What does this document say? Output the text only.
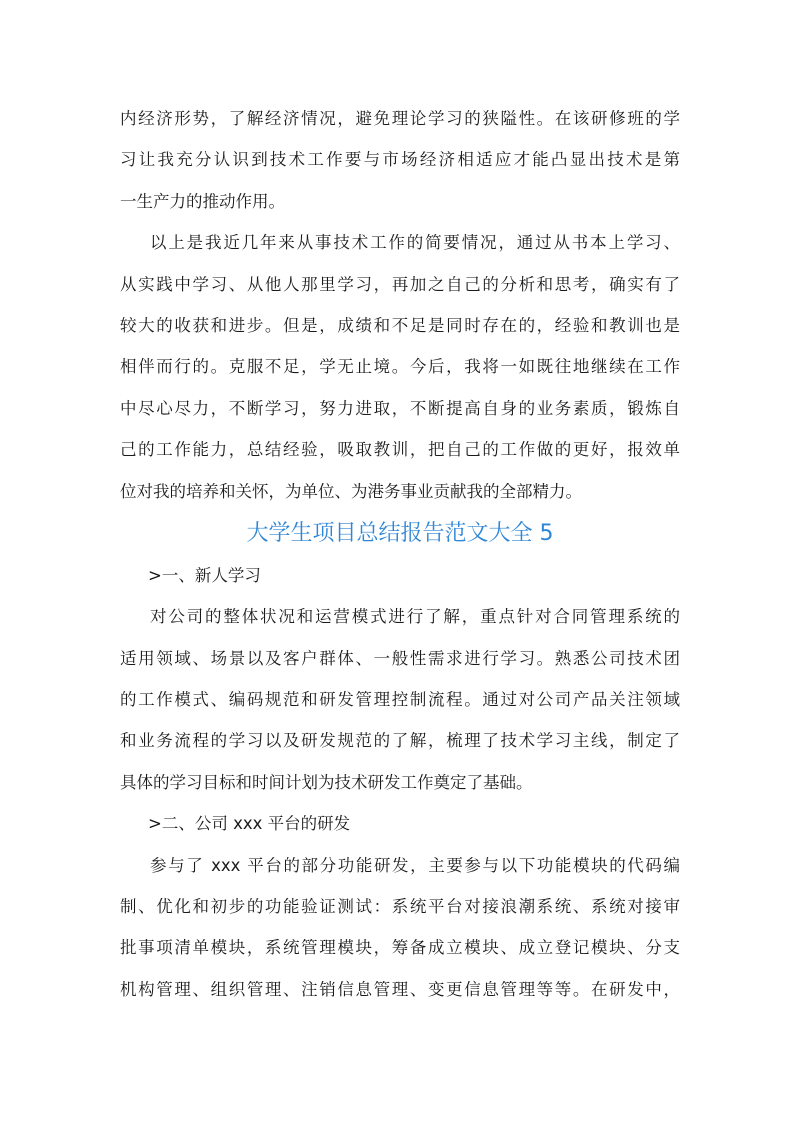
内经济形势，了解经济情况，避免理论学习的狭隘性。在该研修班的学
习让我充分认识到技术工作要与市场经济相适应才能凸显出技术是第
一生产力的推动作用。
以上是我近几年来从事技术工作的简要情况，通过从书本上学习、
从实践中学习、从他人那里学习，再加之自己的分析和思考，确实有了
较大的收获和进步。但是，成绩和不足是同时存在的，经验和教训也是
相伴而行的。克服不足，学无止境。今后，我将一如既往地继续在工作
中尽心尽力，不断学习，努力进取，不断提高自身的业务素质，锻炼自
己的工作能力，总结经验，吸取教训，把自己的工作做的更好，报效单
位对我的培养和关怀，为单位、为港务事业贡献我的全部精力。
大学生项目总结报告范文大全 5
>一、新人学习
对公司的整体状况和运营模式进行了解，重点针对合同管理系统的
适用领域、场景以及客户群体、一般性需求进行学习。熟悉公司技术团
的工作模式、编码规范和研发管理控制流程。通过对公司产品关注领域
和业务流程的学习以及研发规范的了解，梳理了技术学习主线，制定了
具体的学习目标和时间计划为技术研发工作奠定了基础。
>二、公司 xxx 平台的研发
参与了 xxx 平台的部分功能研发，主要参与以下功能模块的代码编
制、优化和初步的功能验证测试：系统平台对接浪潮系统、系统对接审
批事项清单模块，系统管理模块，筹备成立模块、成立登记模块、分支
机构管理、组织管理、注销信息管理、变更信息管理等等。在研发中，
